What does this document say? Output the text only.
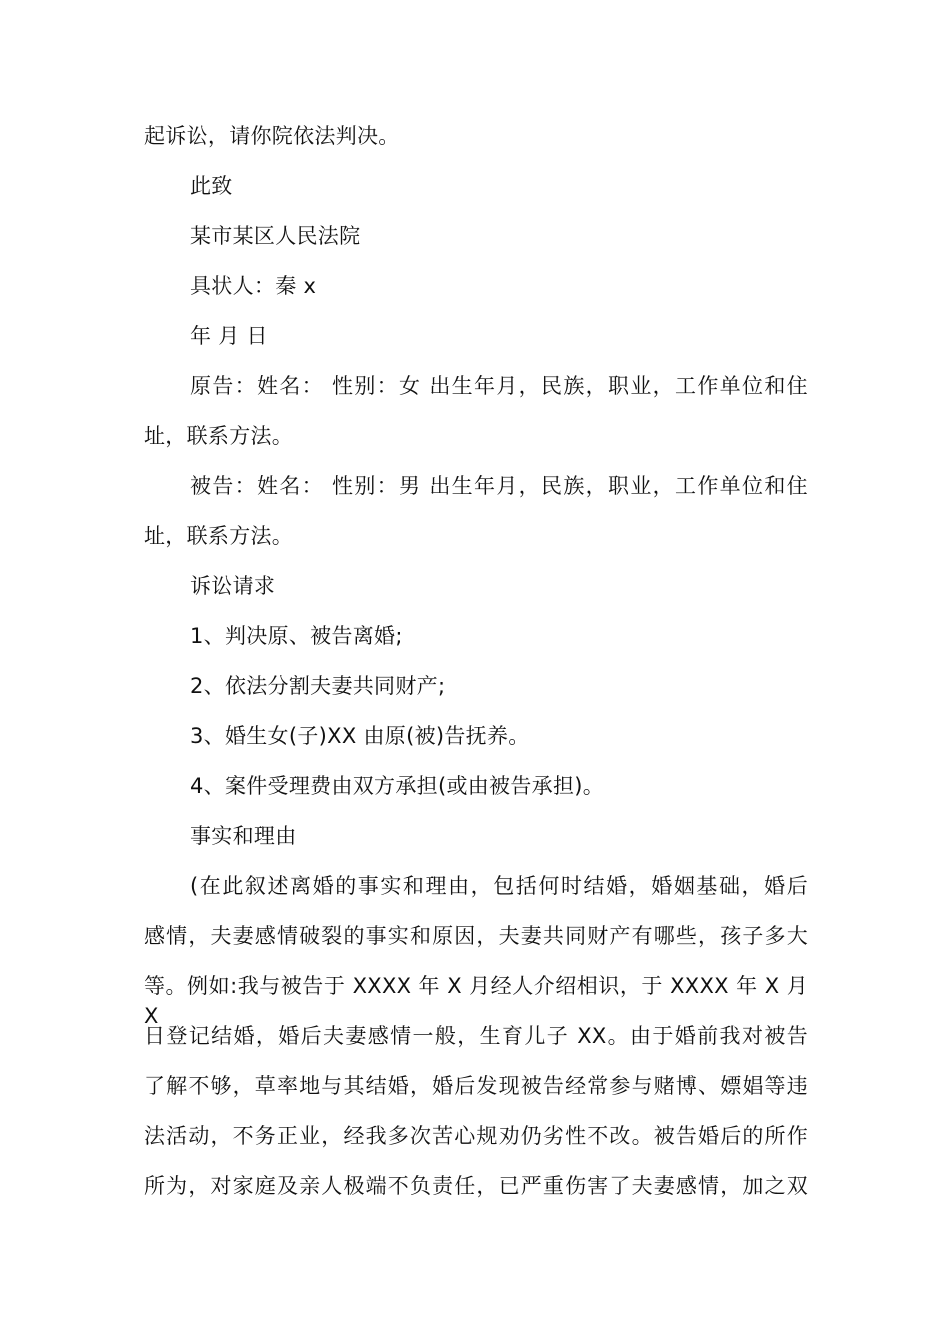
起诉讼，请你院依法判决。
此致
某市某区人民法院
具状人：秦 x
年 月 日
原告：姓名： 性别：女 出生年月，民族，职业，工作单位和住
址，联系方法。
被告：姓名： 性别：男 出生年月，民族，职业，工作单位和住
址，联系方法。
诉讼请求
1、判决原、被告离婚;
2、依法分割夫妻共同财产;
3、婚生女(子)XX 由原(被)告抚养。
4、案件受理费由双方承担(或由被告承担)。
事实和理由
(在此叙述离婚的事实和理由，包括何时结婚，婚姻基础，婚后
感情，夫妻感情破裂的事实和原因，夫妻共同财产有哪些，孩子多大
等。例如:我与被告于 XXXX 年 X 月经人介绍相识，于 XXXX 年 X 月 X
日登记结婚，婚后夫妻感情一般，生育儿子 XX。由于婚前我对被告
了解不够，草率地与其结婚，婚后发现被告经常参与赌博、嫖娼等违
法活动，不务正业，经我多次苦心规劝仍劣性不改。被告婚后的所作
所为，对家庭及亲人极端不负责任，已严重伤害了夫妻感情，加之双
